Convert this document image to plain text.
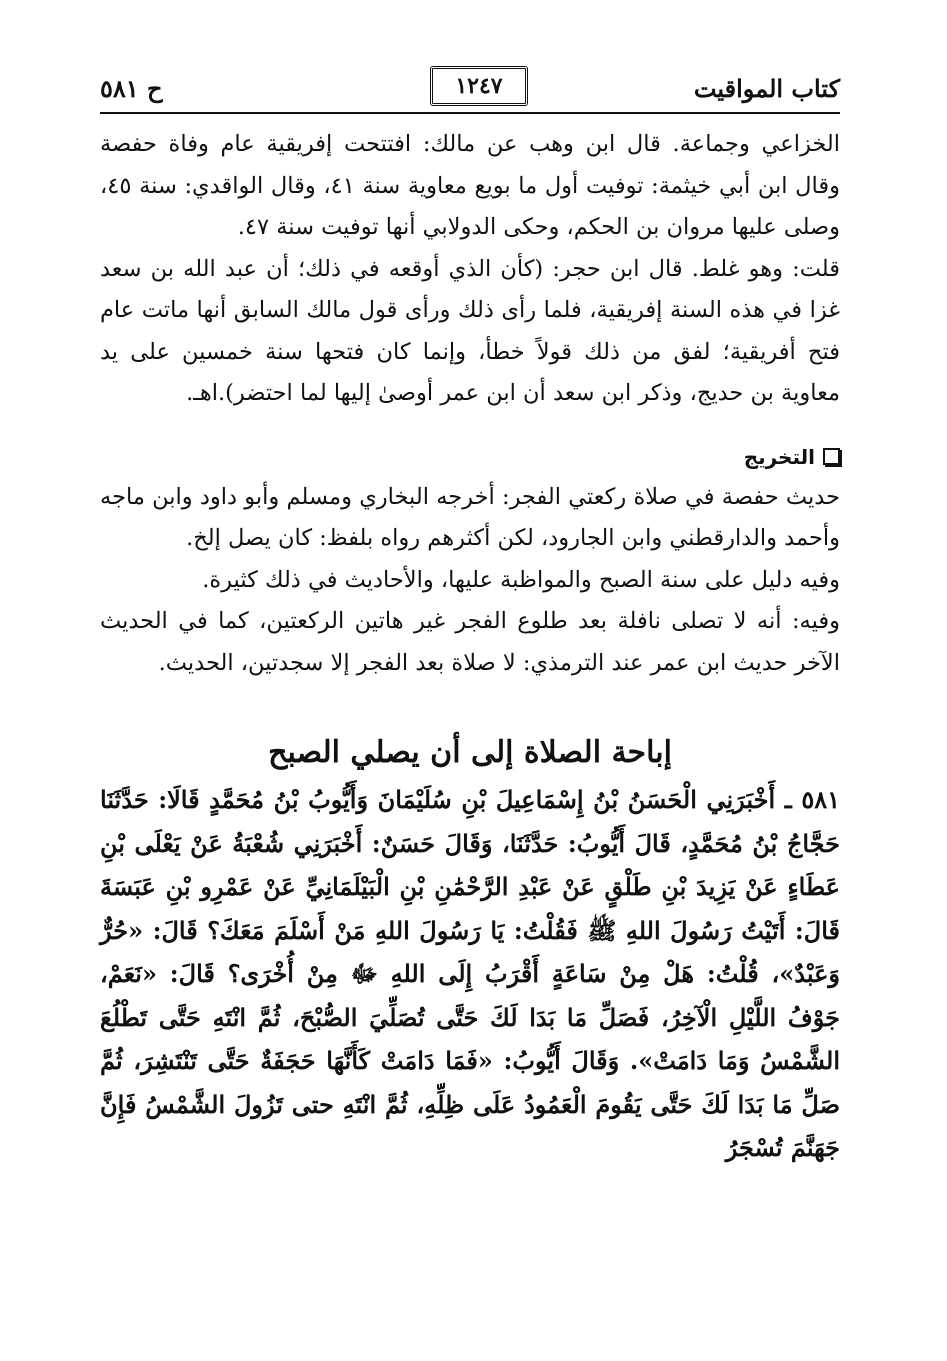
ح ٥٨١	١٢٤٧	كتاب المواقيت

الخزاعي وجماعة. قال ابن وهب عن مالك: افتتحت إفريقية عام وفاة حفصة وقال ابن أبي خيثمة: توفيت أول ما بويع معاوية سنة ٤١، وقال الواقدي: سنة ٤٥، وصلى عليها مروان بن الحكم، وحكى الدولابي أنها توفيت سنة ٤٧.

قلت: وهو غلط. قال ابن حجر: (كأن الذي أوقعه في ذلك؛ أن عبد الله بن سعد غزا في هذه السنة إفريقية، فلما رأى ذلك ورأى قول مالك السابق أنها ماتت عام فتح أفريقية؛ لفق من ذلك قولاً خطأ، وإنما كان فتحها سنة خمسين على يد معاوية بن حديج، وذكر ابن سعد أن ابن عمر أوصىٰ إليها لما احتضر).اهـ.

التخريج

حديث حفصة في صلاة ركعتي الفجر: أخرجه البخاري ومسلم وأبو داود وابن ماجه وأحمد والدارقطني وابن الجارود، لكن أكثرهم رواه بلفظ: كان يصل إلخ.

وفيه دليل على سنة الصبح والمواظبة عليها، والأحاديث في ذلك كثيرة.

وفيه: أنه لا تصلى نافلة بعد طلوع الفجر غير هاتين الركعتين، كما في الحديث الآخر حديث ابن عمر عند الترمذي: لا صلاة بعد الفجر إلا سجدتين، الحديث.

إباحة الصلاة إلى أن يصلي الصبح

٥٨١ ـ أَخْبَرَنِي الْحَسَنُ بْنُ إِسْمَاعِيلَ بْنِ سُلَيْمَانَ وَأَيُّوبُ بْنُ مُحَمَّدٍ قَالَا: حَدَّثَنَا حَجَّاجُ بْنُ مُحَمَّدٍ، قَالَ أَيُّوبُ: حَدَّثَنَا، وَقَالَ حَسَنٌ: أَخْبَرَنِي شُعْبَةُ عَنْ يَعْلَى بْنِ عَطَاءٍ عَنْ يَزِيدَ بْنِ طَلْقٍ عَنْ عَبْدِ الرَّحْمَٰنِ بْنِ الْبَيْلَمَانِيِّ عَنْ عَمْرِو بْنِ عَبَسَةَ قَالَ: أَتَيْتُ رَسُولَ اللهِ ﷺ فَقُلْتُ: يَا رَسُولَ اللهِ مَنْ أَسْلَمَ مَعَكَ؟ قَالَ: «حُرٌّ وَعَبْدٌ»، قُلْتُ: هَلْ مِنْ سَاعَةٍ أَقْرَبُ إِلَى اللهِ ﷻ مِنْ أُخْرَى؟ قَالَ: «نَعَمْ، جَوْفُ اللَّيْلِ الْآخِرُ، فَصَلِّ مَا بَدَا لَكَ حَتَّى تُصَلِّيَ الصُّبْحَ، ثُمَّ انْتَهِ حَتَّى تَطْلُعَ الشَّمْسُ وَمَا دَامَتْ». وَقَالَ أَيُّوبُ: «فَمَا دَامَتْ كَأَنَّهَا حَجَفَةٌ حَتَّى تَنْتَشِرَ، ثُمَّ صَلِّ مَا بَدَا لَكَ حَتَّى يَقُومَ الْعَمُودُ عَلَى ظِلِّهِ، ثُمَّ انْتَهِ حتى تَزُولَ الشَّمْسُ فَإِنَّ جَهَنَّمَ تُسْجَرُ
